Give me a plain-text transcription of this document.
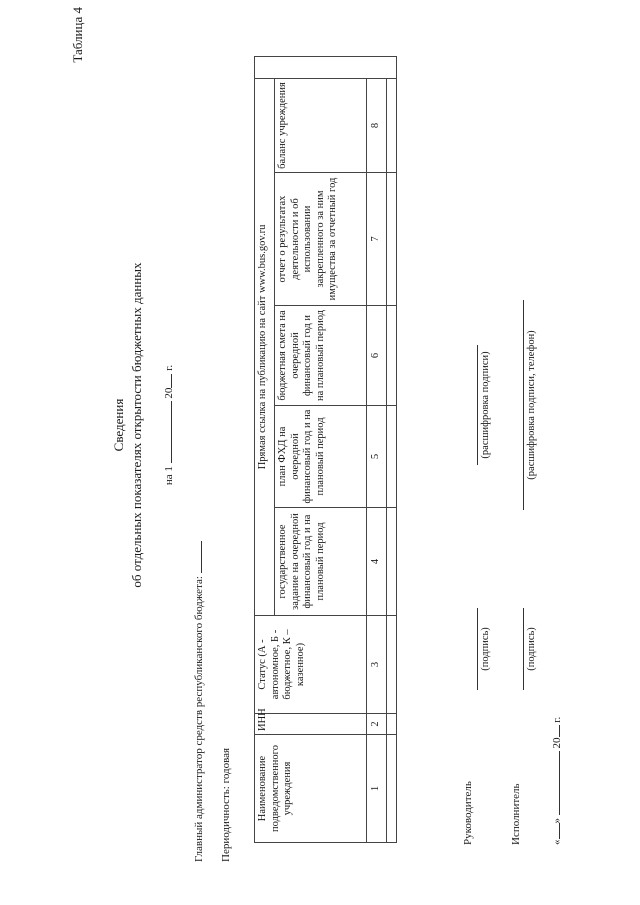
Таблица 4
Сведения об отдельных показателях открытости бюджетных данных на 1  20 г.
Главный администратор средств республиканского бюджета: Периодичность: годовая Наименование подведомственного учреждения	ИНН	Статус (А - автономное, Б - бюджетное, К – казенное)	Прямая ссылка на публикацию на сайт www.bus.gov.ru					
			государственное задание на очередной финансовый год и на плановый период	план ФХД на очередной финансовый год и на плановый период	бюджетная смета на очередной финансовый год и на плановый период	отчет о результатах деятельности и об использовании закрепленного за ним имущества за отчетный год	баланс учреждения	
1	2	3	4	5	6	7	8	

Руководитель
(подпись)
(расшифровка подписи)
Исполнитель
(подпись)
(расшифровка подписи, телефон)
«»  20 г.
